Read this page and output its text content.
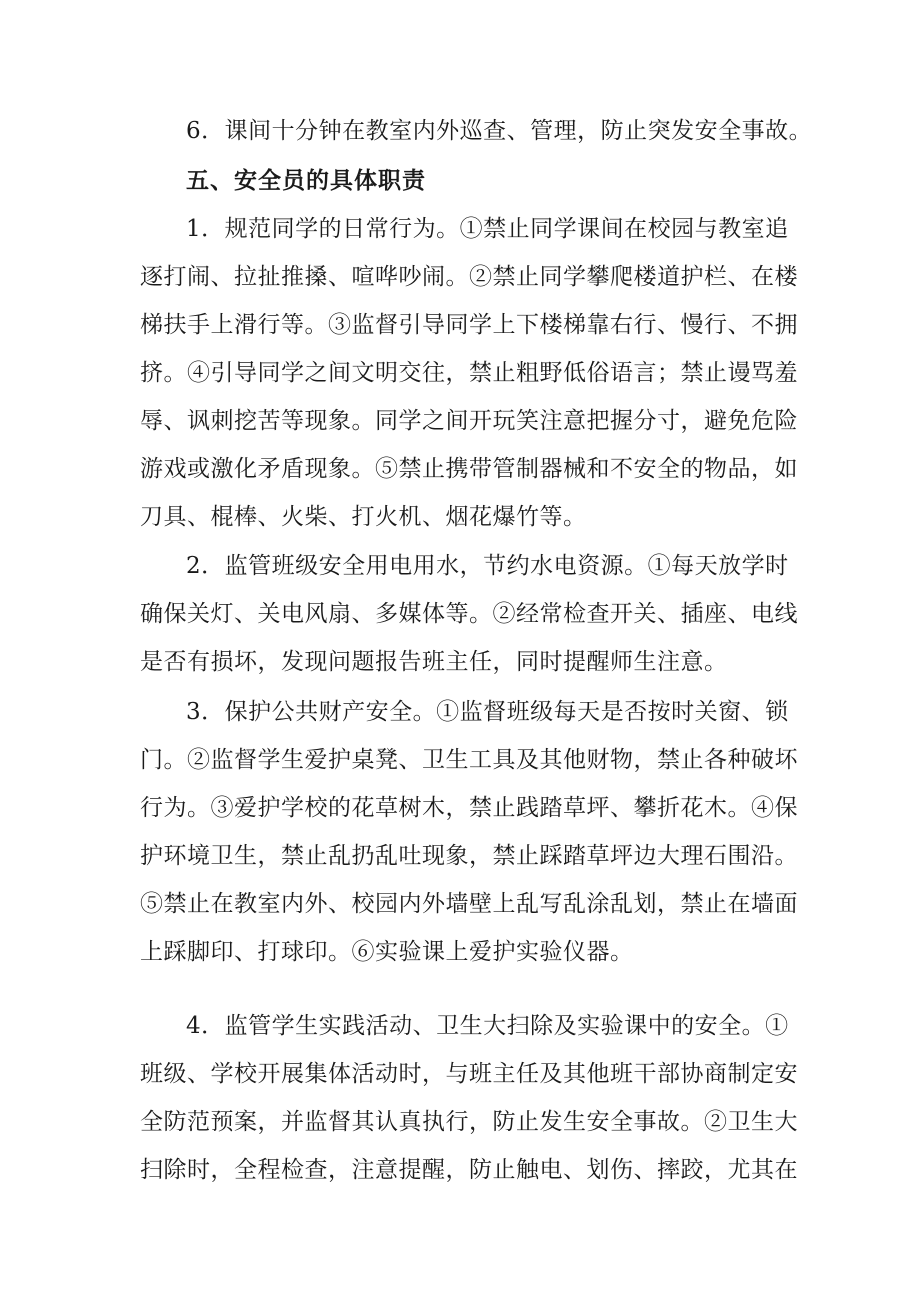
6．课间十分钟在教室内外巡查、管理，防止突发安全事故。
五、安全员的具体职责
1．规范同学的日常行为。①禁止同学课间在校园与教室追
逐打闹、拉扯推搡、喧哗吵闹。②禁止同学攀爬楼道护栏、在楼
梯扶手上滑行等。③监督引导同学上下楼梯靠右行、慢行、不拥
挤。④引导同学之间文明交往，禁止粗野低俗语言；禁止谩骂羞
辱、讽刺挖苦等现象。同学之间开玩笑注意把握分寸，避免危险
游戏或激化矛盾现象。⑤禁止携带管制器械和不安全的物品，如
刀具、棍棒、火柴、打火机、烟花爆竹等。
2．监管班级安全用电用水，节约水电资源。①每天放学时
确保关灯、关电风扇、多媒体等。②经常检查开关、插座、电线
是否有损坏，发现问题报告班主任，同时提醒师生注意。
3．保护公共财产安全。①监督班级每天是否按时关窗、锁
门。②监督学生爱护桌凳、卫生工具及其他财物，禁止各种破坏
行为。③爱护学校的花草树木，禁止践踏草坪、攀折花木。④保
护环境卫生，禁止乱扔乱吐现象，禁止踩踏草坪边大理石围沿。
⑤禁止在教室内外、校园内外墙壁上乱写乱涂乱划，禁止在墙面
上踩脚印、打球印。⑥实验课上爱护实验仪器。
4．监管学生实践活动、卫生大扫除及实验课中的安全。①
班级、学校开展集体活动时，与班主任及其他班干部协商制定安
全防范预案，并监督其认真执行，防止发生安全事故。②卫生大
扫除时，全程检查，注意提醒，防止触电、划伤、摔跤，尤其在
